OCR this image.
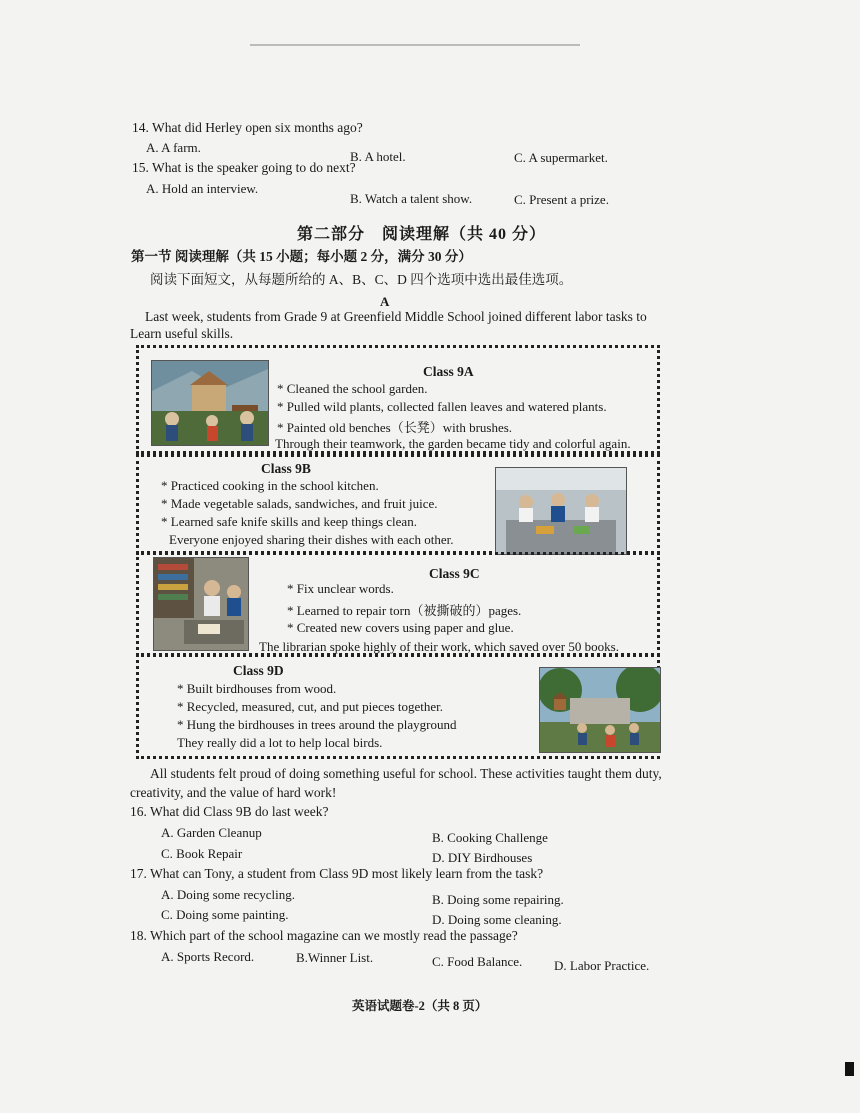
14. What did Herley open six months ago?
A. A farm.
B. A hotel.	C. A supermarket.
15. What is the speaker going to do next?
A. Hold an interview.
B. Watch a talent show.	C. Present a prize.
第二部分　阅读理解（共 40 分）
第一节 阅读理解（共 15 小题；每小题 2 分，满分 30 分）
阅读下面短文，从每题所给的 A、B、C、D 四个选项中选出最佳选项。
A
Last week, students from Grade 9 at Greenfield Middle School joined different labor tasks to
Learn useful skills.
Class 9A
* Cleaned the school garden.
* Pulled wild plants, collected fallen leaves and watered plants.
* Painted old benches（长凳）with brushes.
Through their teamwork, the garden became tidy and colorful again.
Class 9B
* Practiced cooking in the school kitchen.
* Made vegetable salads, sandwiches, and fruit juice.
* Learned safe knife skills and keep things clean.
Everyone enjoyed sharing their dishes with each other.
Class 9C
* Fix unclear words.
* Learned to repair torn（被撕破的）pages.
* Created new covers using paper and glue.
The librarian spoke highly of their work, which saved over 50 books.
Class 9D
* Built birdhouses from wood.
* Recycled, measured, cut, and put pieces together.
* Hung the birdhouses in trees around the playground
They really did a lot to help local birds.
All students felt proud of doing something useful for school. These activities taught them duty,
creativity, and the value of hard work!
16. What did Class 9B do last week?
A. Garden Cleanup	B. Cooking Challenge
C. Book Repair	D. DIY Birdhouses
17. What can Tony, a student from Class 9D most likely learn from the task?
A. Doing some recycling.	B. Doing some repairing.
C. Doing some painting.	D. Doing some cleaning.
18. Which part of the school magazine can we mostly read the passage?
A. Sports Record.	B.Winner List.	C. Food Balance. D. Labor Practice.
英语试题卷-2（共 8 页）
